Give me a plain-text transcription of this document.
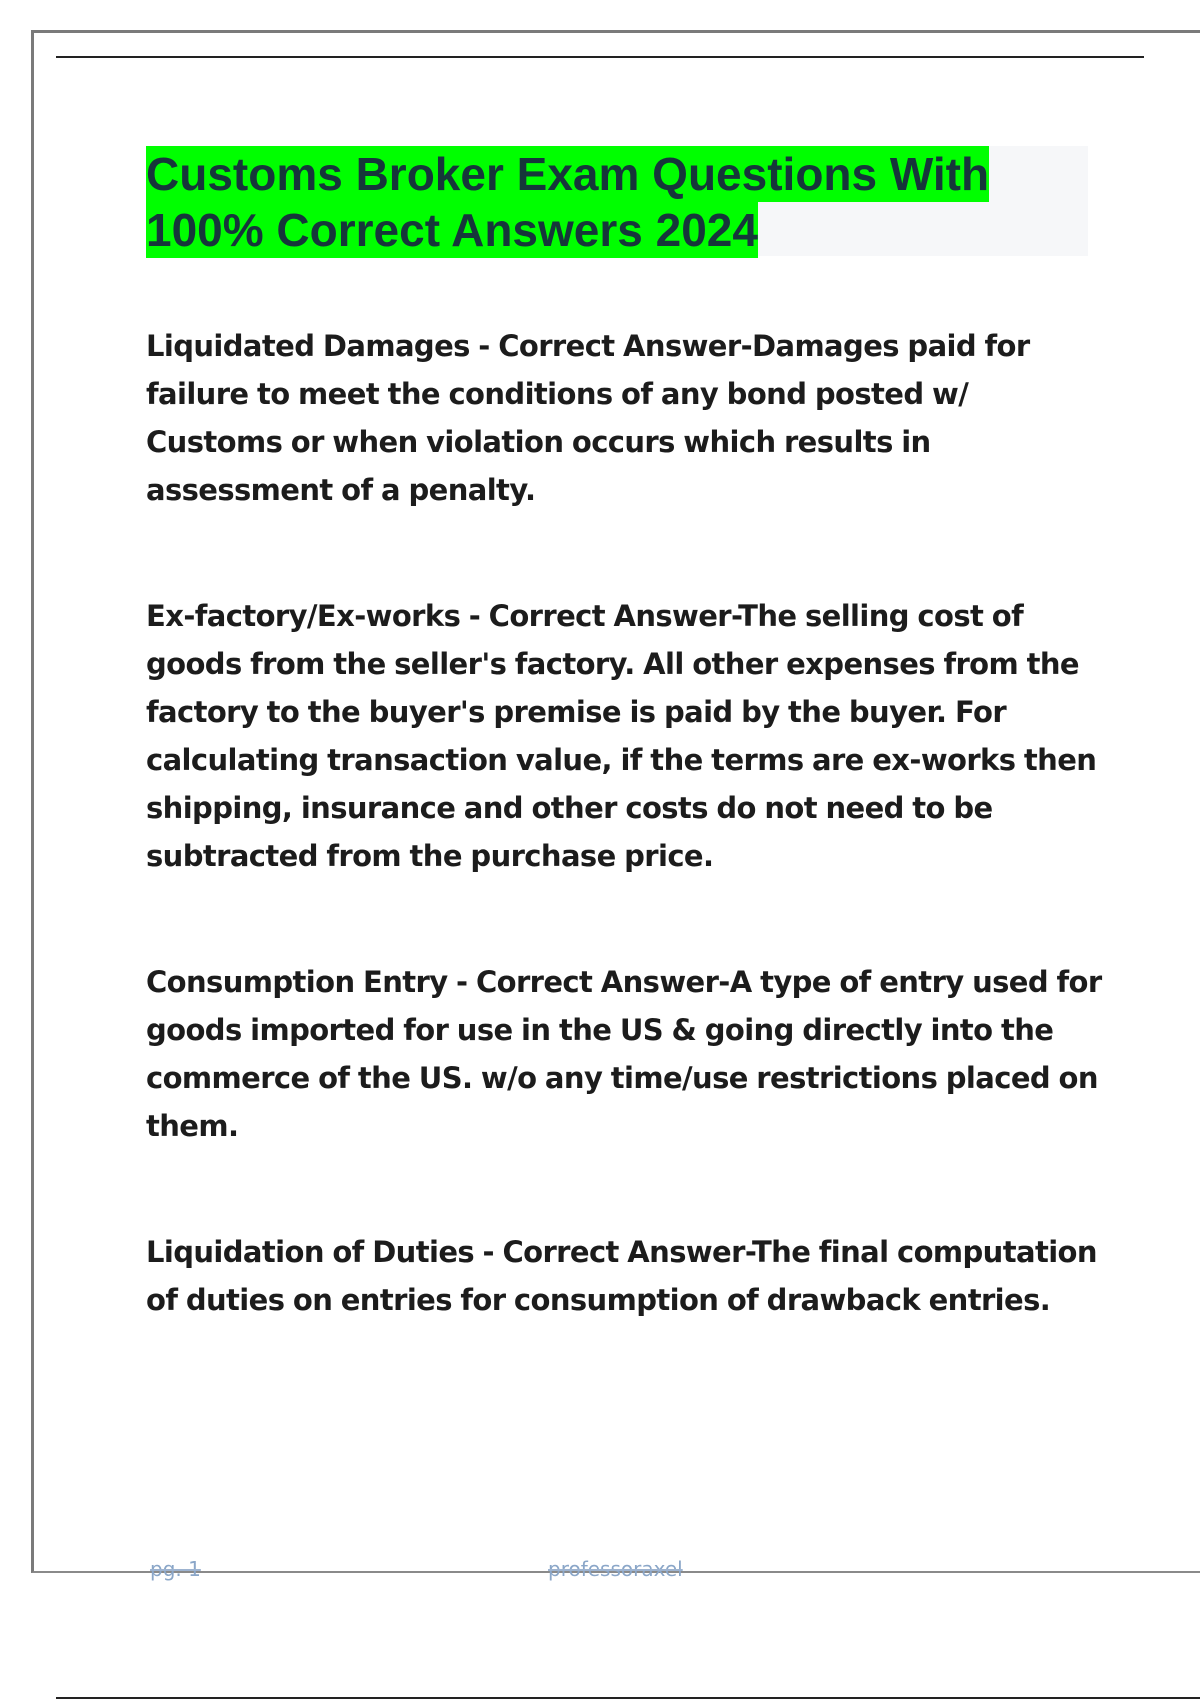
Customs Broker Exam Questions With
100% Correct Answers 2024
Liquidated Damages - Correct Answer-Damages paid for failure to meet the conditions of any bond posted w/ Customs or when violation occurs which results in assessment of a penalty.
Ex-factory/Ex-works - Correct Answer-The selling cost of goods from the seller's factory. All other expenses from the factory to the buyer's premise is paid by the buyer. For calculating transaction value, if the terms are ex-works then shipping, insurance and other costs do not need to be subtracted from the purchase price.
Consumption Entry - Correct Answer-A type of entry used for goods imported for use in the US & going directly into the commerce of the US. w/o any time/use restrictions placed on them.
Liquidation of Duties - Correct Answer-The final computation of duties on entries for consumption of drawback entries.
pg. 1	professoraxel
